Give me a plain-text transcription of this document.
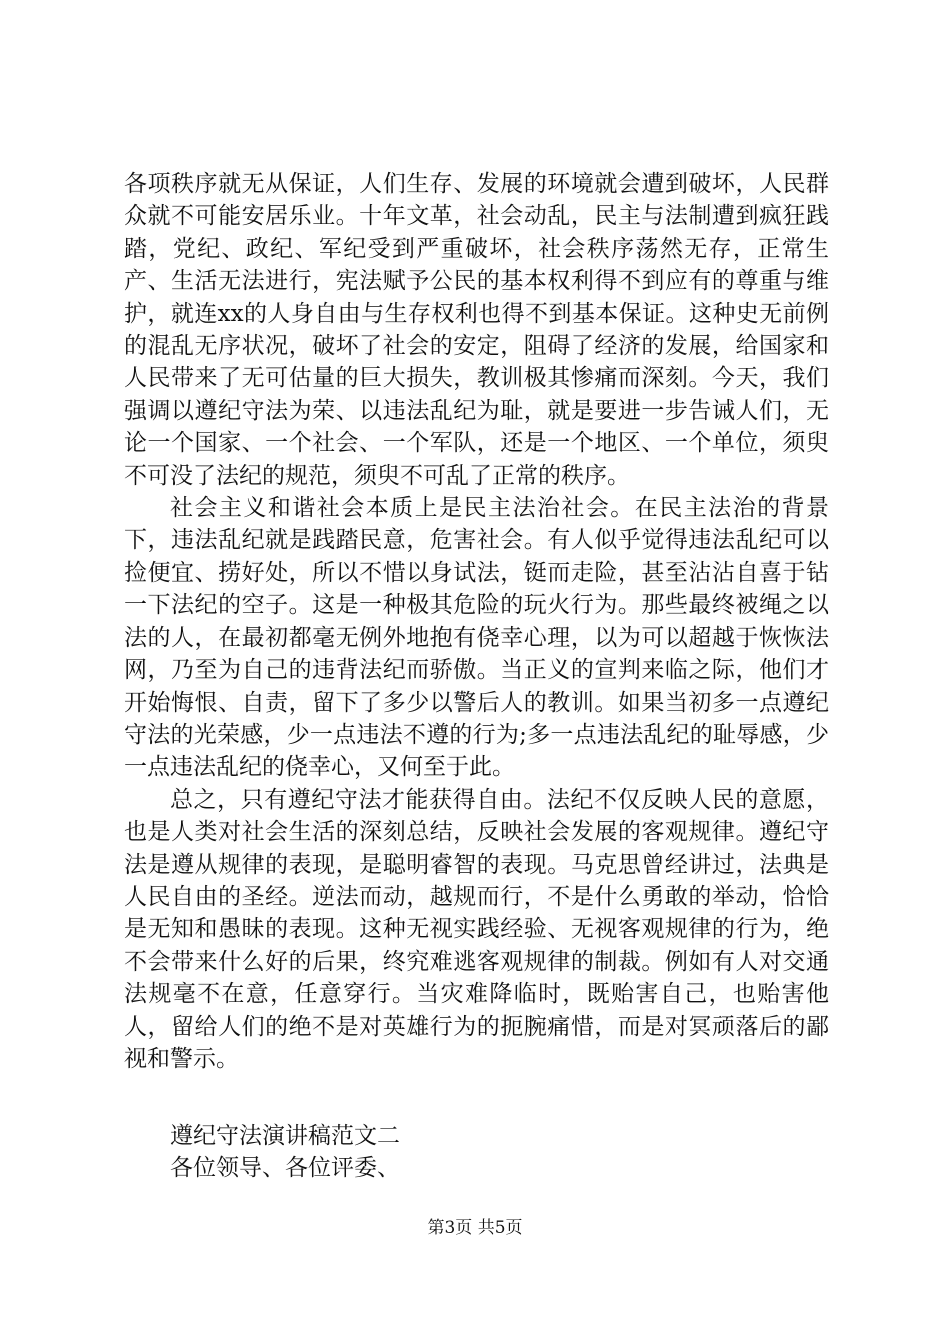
各项秩序就无从保证，人们生存、发展的环境就会遭到破坏，人民群众就不可能安居乐业。十年文革，社会动乱，民主与法制遭到疯狂践踏，党纪、政纪、军纪受到严重破坏，社会秩序荡然无存，正常生产、生活无法进行，宪法赋予公民的基本权利得不到应有的尊重与维护，就连xx的人身自由与生存权利也得不到基本保证。这种史无前例的混乱无序状况，破坏了社会的安定，阻碍了经济的发展，给国家和人民带来了无可估量的巨大损失，教训极其惨痛而深刻。今天，我们强调以遵纪守法为荣、以违法乱纪为耻，就是要进一步告诫人们，无论一个国家、一个社会、一个军队，还是一个地区、一个单位，须臾不可没了法纪的规范，须臾不可乱了正常的秩序。

社会主义和谐社会本质上是民主法治社会。在民主法治的背景下，违法乱纪就是践踏民意，危害社会。有人似乎觉得违法乱纪可以捡便宜、捞好处，所以不惜以身试法，铤而走险，甚至沾沾自喜于钻一下法纪的空子。这是一种极其危险的玩火行为。那些最终被绳之以法的人，在最初都毫无例外地抱有侥幸心理，以为可以超越于恢恢法网，乃至为自己的违背法纪而骄傲。当正义的宣判来临之际，他们才开始悔恨、自责，留下了多少以警后人的教训。如果当初多一点遵纪守法的光荣感，少一点违法不遵的行为;多一点违法乱纪的耻辱感，少一点违法乱纪的侥幸心，又何至于此。

总之，只有遵纪守法才能获得自由。法纪不仅反映人民的意愿，也是人类对社会生活的深刻总结，反映社会发展的客观规律。遵纪守法是遵从规律的表现，是聪明睿智的表现。马克思曾经讲过，法典是人民自由的圣经。逆法而动，越规而行，不是什么勇敢的举动，恰恰是无知和愚昧的表现。这种无视实践经验、无视客观规律的行为，绝不会带来什么好的后果，终究难逃客观规律的制裁。例如有人对交通法规毫不在意，任意穿行。当灾难降临时，既贻害自己，也贻害他人，留给人们的绝不是对英雄行为的扼腕痛惜，而是对冥顽落后的鄙视和警示。

遵纪守法演讲稿范文二
各位领导、各位评委、
第3页 共5页
